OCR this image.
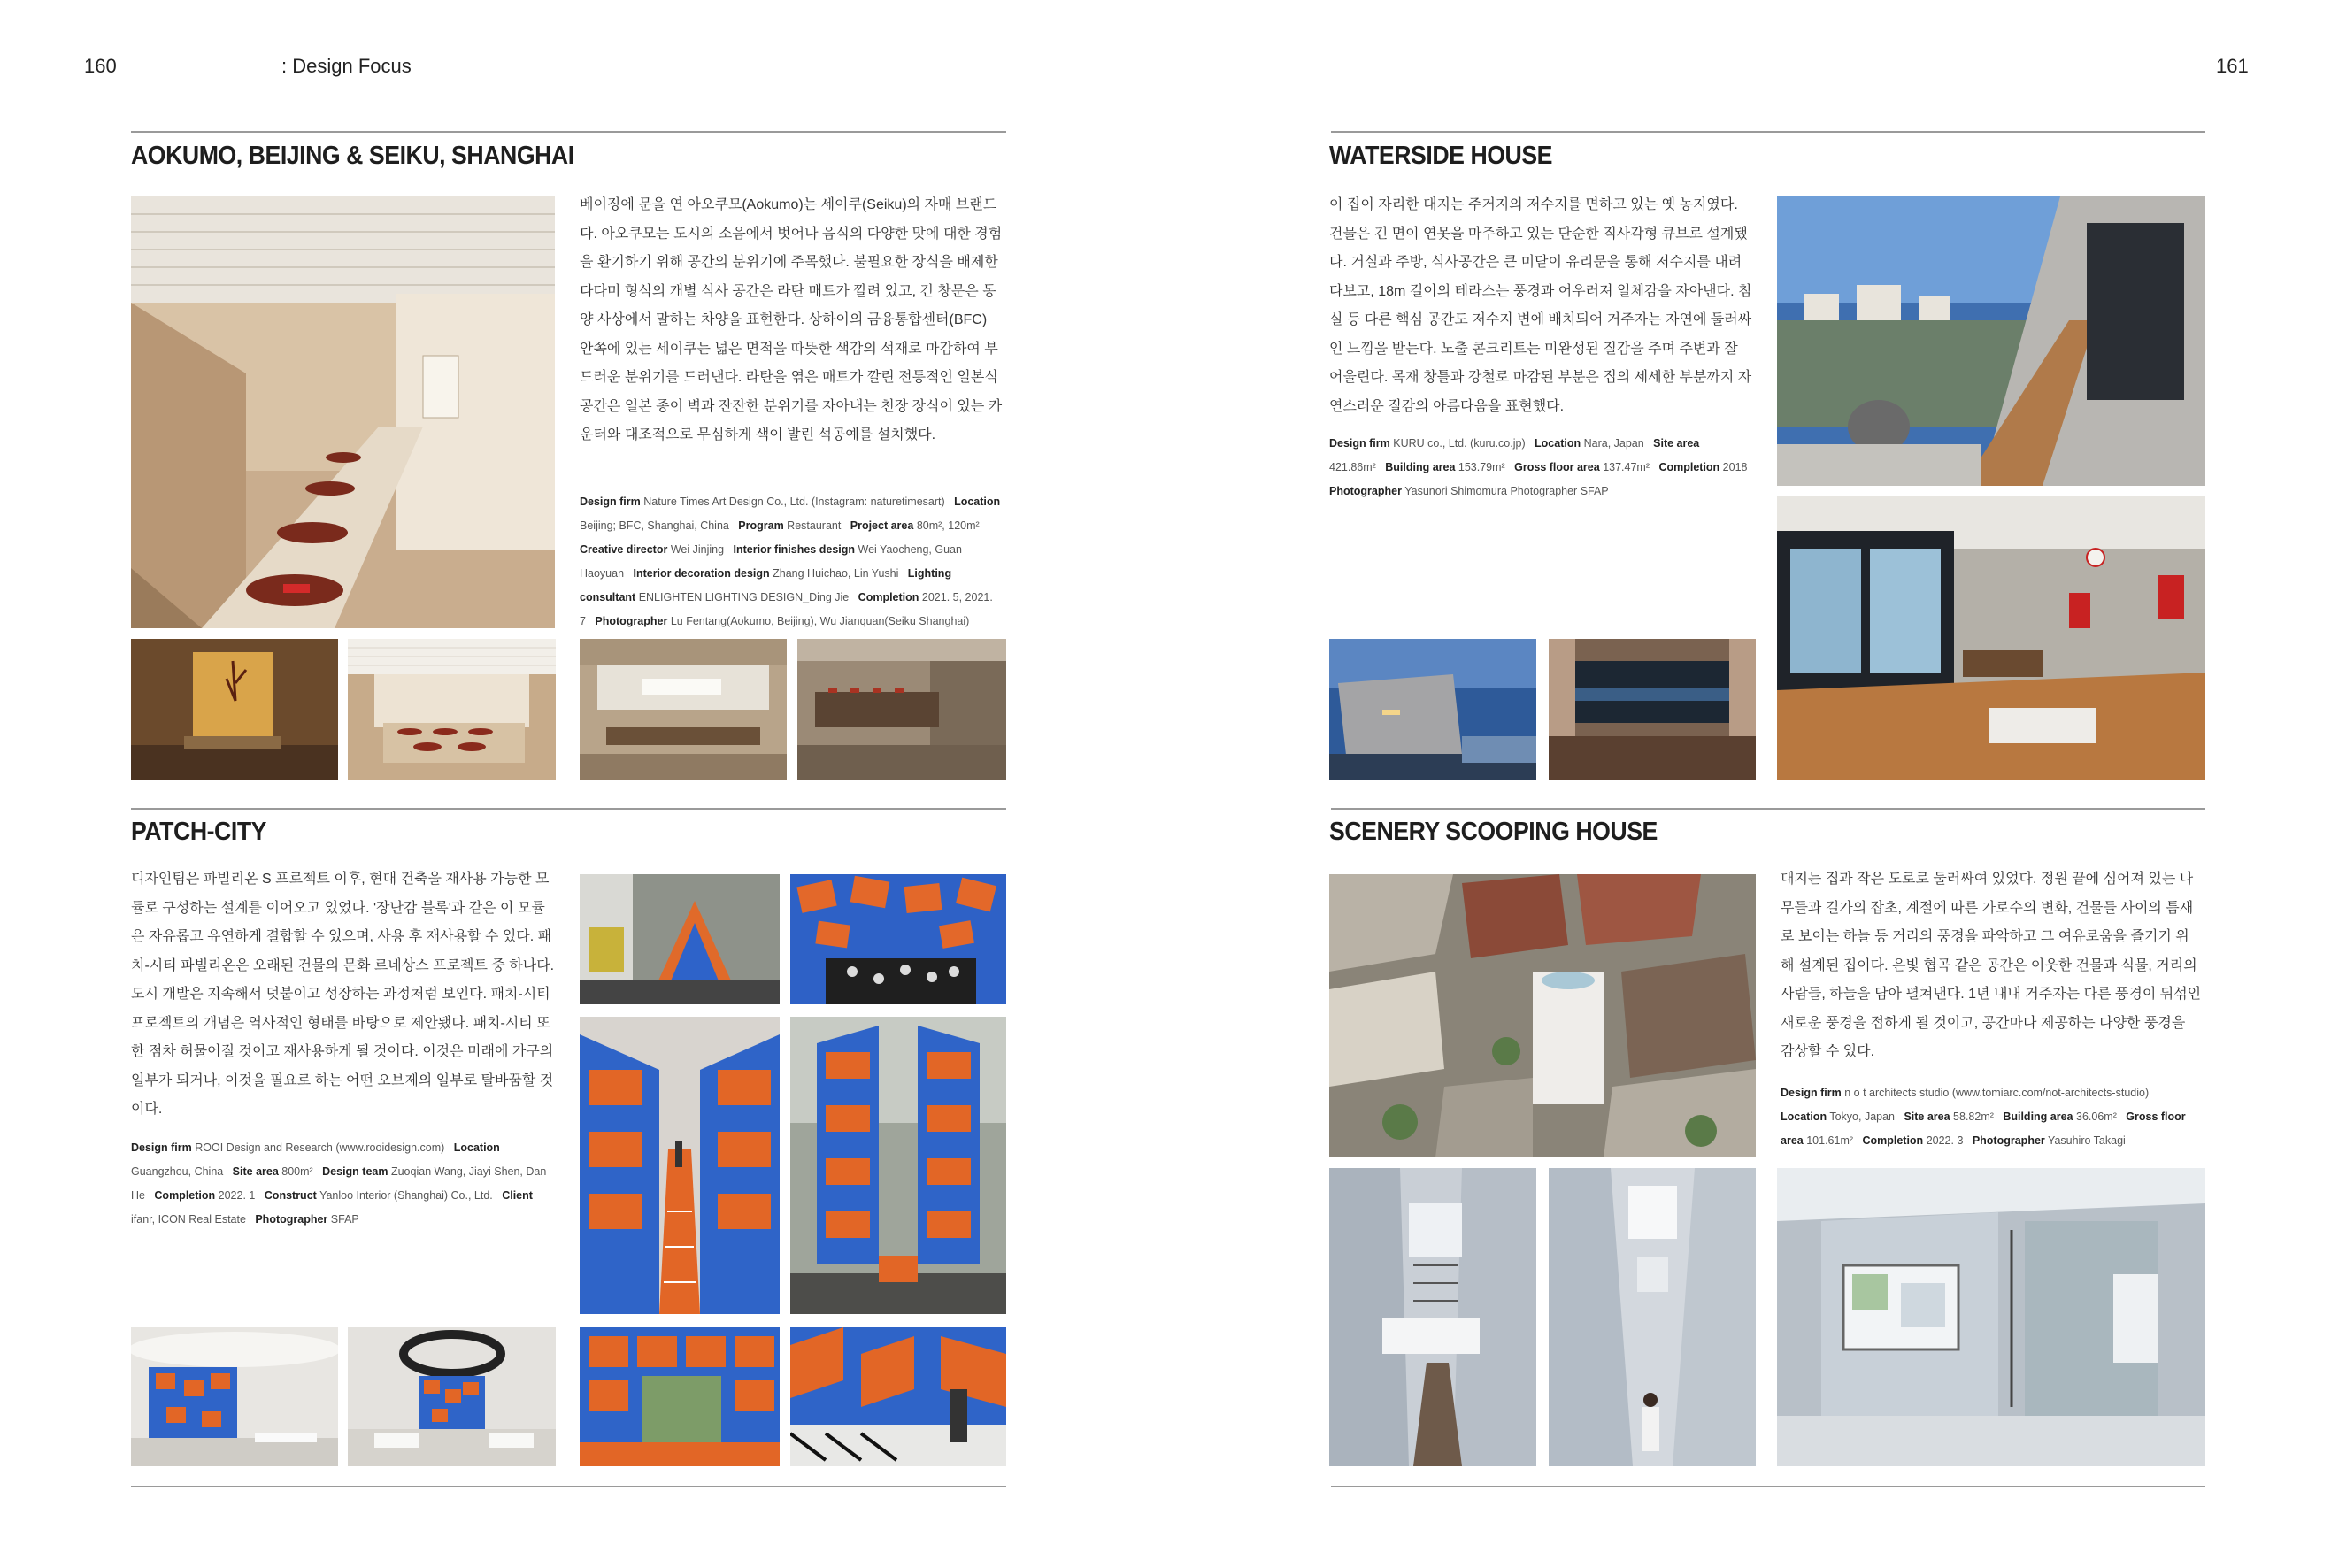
160	: Design Focus	161
AOKUMO, BEIJING & SEIKU, SHANGHAI
베이징에 문을 연 아오쿠모(Aokumo)는 세이쿠(Seiku)의 자매 브랜드다. 아오쿠모는 도시의 소음에서 벗어나 음식의 다양한 맛에 대한 경험을 환기하기 위해 공간의 분위기에 주목했다. 불필요한 장식을 배제한 다다미 형식의 개별 식사 공간은 라탄 매트가 깔려 있고, 긴 창문은 동양 사상에서 말하는 차양을 표현한다. 상하이의 금융통합센터(BFC) 안쪽에 있는 세이쿠는 넓은 면적을 따뜻한 색감의 석재로 마감하여 부드러운 분위기를 드러낸다. 라탄을 엮은 매트가 깔린 전통적인 일본식 공간은 일본 종이 벽과 잔잔한 분위기를 자아내는 천장 장식이 있는 카운터와 대조적으로 무심하게 색이 발린 석공예를 설치했다.
Design firm Nature Times Art Design Co., Ltd. (Instagram: naturetimesart) Location Beijing; BFC, Shanghai, China Program Restaurant Project area 80m², 120m²   Creative director Wei Jinjing Interior finishes design Wei Yaocheng, Guan Haoyuan Interior decoration design Zhang Huichao, Lin Yushi Lighting consultant ENLIGHTEN LIGHTING DESIGN_Ding Jie Completion 2021. 5, 2021. 7 Photographer Lu Fentang(Aokumo, Beijing), Wu Jianquan(Seiku Shanghai)
WATERSIDE HOUSE
이 집이 자리한 대지는 주거지의 저수지를 면하고 있는 옛 농지였다. 건물은 긴 면이 연못을 마주하고 있는 단순한 직사각형 큐브로 설계됐다. 거실과 주방, 식사공간은 큰 미닫이 유리문을 통해 저수지를 내려다보고, 18m 길이의 테라스는 풍경과 어우러져 일체감을 자아낸다. 침실 등 다른 핵심 공간도 저수지 변에 배치되어 거주자는 자연에 둘러싸인 느낌을 받는다. 노출 콘크리트는 미완성된 질감을 주며 주변과 잘 어울린다. 목재 창틀과 강철로 마감된 부분은 집의 세세한 부분까지 자연스러운 질감의 아름다움을 표현했다.
Design firm KURU co., Ltd. (kuru.co.jp) Location Nara, Japan Site area 421.86m² Building area 153.79m² Gross floor area 137.47m² Completion 2018   Photographer Yasunori Shimomura Photographer SFAP
PATCH-CITY
디자인팀은 파빌리온 S 프로젝트 이후, 현대 건축을 재사용 가능한 모듈로 구성하는 설계를 이어오고 있었다. '장난감 블록'과 같은 이 모듈은 자유롭고 유연하게 결합할 수 있으며, 사용 후 재사용할 수 있다. 패치-시티 파빌리온은 오래된 건물의 문화 르네상스 프로젝트 중 하나다. 도시 개발은 지속해서 덧붙이고 성장하는 과정처럼 보인다. 패치-시티 프로젝트의 개념은 역사적인 형태를 바탕으로 제안됐다. 패치-시티 또한 점차 허물어질 것이고 재사용하게 될 것이다. 이것은 미래에 가구의 일부가 되거나, 이것을 필요로 하는 어떤 오브제의 일부로 탈바꿈할 것이다.
Design firm ROOI Design and Research (www.rooidesign.com) Location Guangzhou, China Site area 800m² Design team Zuoqian Wang, Jiayi Shen, Dan He Completion 2022. 1 Construct Yanloo Interior (Shanghai) Co., Ltd. Client ifanr, ICON Real Estate Photographer SFAP
SCENERY SCOOPING HOUSE
대지는 집과 작은 도로로 둘러싸여 있었다. 정원 끝에 심어져 있는 나무들과 길가의 잡초, 계절에 따른 가로수의 변화, 건물들 사이의 틈새로 보이는 하늘 등 거리의 풍경을 파악하고 그 여유로움을 즐기기 위해 설계된 집이다. 은빛 협곡 같은 공간은 이웃한 건물과 식물, 거리의 사람들, 하늘을 담아 펼쳐낸다. 1년 내내 거주자는 다른 풍경이 뒤섞인 새로운 풍경을 접하게 될 것이고, 공간마다 제공하는 다양한 풍경을 감상할 수 있다.
Design firm n o t architects studio (www.tomiarc.com/not-architects-studio)   Location Tokyo, Japan Site area 58.82m² Building area 36.06m² Gross floor area 101.61m² Completion 2022. 3 Photographer Yasuhiro Takagi
